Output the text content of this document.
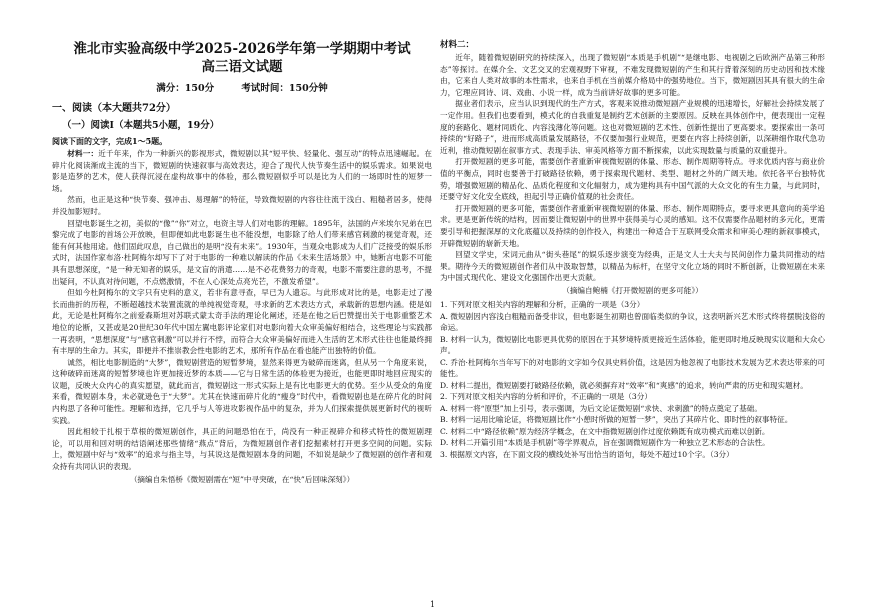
淮北市实验高级中学2025-2026学年第一学期期中考试

高三语文试题

满分：150分	考试时间：150分钟

一、阅读（本大题共72分）

（一）阅读I（本题共5小题，19分）

阅读下面的文字，完成1～5题。

材料一：近千年来，作为一种新兴的影视形式，微短剧以其“短平快、轻量化、强互动”的特点迅速崛起。在碎片化阅读渐成主流的当下，微短剧的快速叙事与高效表达，迎合了现代人快节奏生活中的娱乐需求。如果说电影是造梦的艺术，使人获得沉浸在虚构故事中的体验，那么微短剧似乎可以是比为人们的一场即时性的短梦一场。

然而，也正是这种“快节奏、强冲击、易理解”的特征，导致微短剧的内容往往流于浅白、粗糙者居多，使得并没加影短时。

回望电影诞生之初，美似的“像”“你”对立，电资主导人们对电影的理解。1895年，法国的卢米埃尔兄弟在巴黎完成了电影的首场公开放映，但即便如此电影诞生也不能没想，电影除了给人们带来感官刺激的视觉奇观，还能有何其他用途。他们固此叹息，自己做出的是明“没有未来”。1930年，当观众电影成为人们广泛接受的娱乐形式时，法国作家布洛·杜阿梅尔却写下了对于电影的一种难以解读的作品《未来生活场景》中，她断言电影不可能具有思想深度，“是一种无知者的娱乐，是文盲的消遣……是不必花费努力的奇观，电影不需要注意的思考，不提出疑问，不认真对待问题，不点燃激情，不在人心深处点亮光芒，不激发希望”。

但如今杜阿梅尔的文字只有史料的意义，若非有意寻查，早已为人遗忘。与此形成对比的是，电影走过了漫长而曲折的历程，不断超越技术装置流就的单纯视觉奇观，寻求新的艺术表达方式，承载新的思想内涵。使是如此，无论是杜阿梅尔之前爱森斯坦对苏联式蒙太奇手法的理论化阐述，还是在他之后巴赞提出关于电影重整艺术地位的论断，又甚或是20世纪30年代中国左翼电影评论家们对电影向着大众审美偏好相结合，这些理论与实践都一再表明，“思想深度”与“感官刺激”可以并行不悖，而符合大众审美偏好而进入生活的艺术形式往往也能最终拥有丰厚的生命力。其实，即便并不推崇教会性电影的艺术，那所有作品在看也能产出独特的价值。

诚然，相比电影制造的“大梦”，微短剧营造的短暂梦境，显然来得更为破碎而迷离，但从另一个角度来说，这种破碎而迷离的短暂梦境也许更加接近梦的本质——它与日常生活的体验更为接近，也能更即时地回应现实的议题，反映大众内心的真实愿望，就此而言，微短剧这一形式实际上是有比电影更大的优势。至少从受众的角度来看，微短剧本身，未必就逊色于“大梦”。尤其在快速而碎片化的“瘦身”时代中，看微短剧也是在碎片化的时间内构思了各种可能性。理解和选择，它几乎与人等进攻影视作品中的复杂，并为人们探索提供展更新时代的视听实践。

因此相较于扎根于草根的微短剧创作，具正的问题恐怕在于，尚没有一种正视碎介和移式特性的微短剧理论，可以用和回对明的结语阐述那些情绪“燕点”背后，为微短剧创作者们挖掘素材打开更多空间的问题。实际上，微短剧中好与“效率”的追求与指主导，与其说这是微短剧本身的问题，不如说是缺少了微短剧的创作者和观众持有共同认识的表现。

（摘编自朱悟桥《微短剧需在“短”中寻突破，在“快”后回味深刻》）

材料二：

近年，随着微短剧研究的持续深入，出现了微短剧“本质是手机剧”“是继电影、电视剧之后欧洲产品第三种形态”等探讨。在媒介全、文艺交叉的宏观视野下审视，不难发现微短剧的产生和其行背着深刻的历史动因和技术缘由，它来自人类对故事的本性需求，也来自手机在当前媒介格局中的强势地位。当下，微短剧因其具有很大的生命力，它理应同诗、词、戏曲、小说一样，成为当前讲好故事的更多可能。

据业者们表示，应当认识到现代的生产方式，客观来说推动微短剧产业规模的迅速增长，好解社会持续发展了一定作用。但我们也要看到，模式化的自我重复是制约艺术创新的主要原因。反映在具体创作中，便表现出一定程度的套路化、题材同质化、内容浅薄化等问题。这也对微短剧的艺术性、创新性提出了更高要求。要探索出一条可持续的“好路子”，进而形成高质量发展路径，不仅要加强行业规范，更要在内容上持续创新，以深耕细作取代急功近利，推动微短剧在叙事方式、表现手法、审美风格等方面不断探索，以此实现数量与质量的双重提升。

打开微短剧的更多可能，需要创作者重新审视微短剧的体量、形态、制作周期等特点。寻求优质内容与商业价值的平衡点，同时也要善于打破路径依赖，勇于探索现代题材、类型、题材之外的广阔天地。依托各平台独特优势，增强微短剧的精品化、品质化程度和文化辐射力，成为建构具有中国气派的大众文化的有生力量，与此同时，还要守好文化安全底线，担起引导正确价值观的社会责任。

打开微短剧的更多可能，需要创作者重新审视微短剧的体量、形态、制作周期特点，要寻求更具意向的美学追求。更是更新传统的结构，因而要让微短剧中的世界中获得美与心灵的感知。这不仅需要作品题材的多元化，更需要引导和把握深厚的文化底蕴以及持续的创作投入，构建出一种适合于互联网受众需求和审美心理的新叙事模式，开辟微短剧的崭新天地。

回望文学史，宋词元曲从“街头巷尾”的娱乐逐步演变为经典，正是文人士大夫与民间创作力量共同推动的结果。期待今天的微短剧创作者们从中汲取智慧，以精品为标杆，在坚守文化立场的同时不断创新，让微短剧在未来为中国式现代化、建设文化强国作出更大贡献。

（摘编自鲍楠《打开微短剧的更多可能》）

1. 下列对原文相关内容的理解和分析，正确的一项是（3分）

A. 微短剧因内容浅白粗糙而备受非议，但电影诞生初期也曾面临类似的争议，这表明新兴艺术形式终将摆脱浅俗的命运。

B. 材料一认为，微短剧比电影更具优势的原因在于其梦境特质更接近生活体验，能更即时地反映现实议题和大众心声。

C. 乔治·杜阿梅尔当年写下的对电影的文字如今仅具史料价值，这是因为他忽视了电影技术发展为艺术表达带来的可能性。

D. 材料二提出，微短剧要打破路径依赖，就必须摒弃对“效率”和“爽感”的追求，转向严肃的历史和现实题材。

2. 下列对原文相关内容的分析和评价，不正确的一项是（3分）

A. 材料一将“原型”加上引号，表示强调，为后文论证微短剧“求快、求刺激”的特点奠定了基础。

B. 材料一运用比喻论证，将微短剧比作“小憩时所做的短暂一梦”，突出了其碎片化、即时性的叙事特征。

C. 材料二中“路径依赖”原为经济学概念，在文中指微短剧创作过度依赖既有成功模式而难以创新。

D. 材料二开篇引用“本质是手机剧”等学界观点，旨在强调微短剧作为一种独立艺术形态的合法性。

3. 根据原文内容，在下面文段的横线处补写出恰当的语句，每处不超过10个字。（3分）

1
